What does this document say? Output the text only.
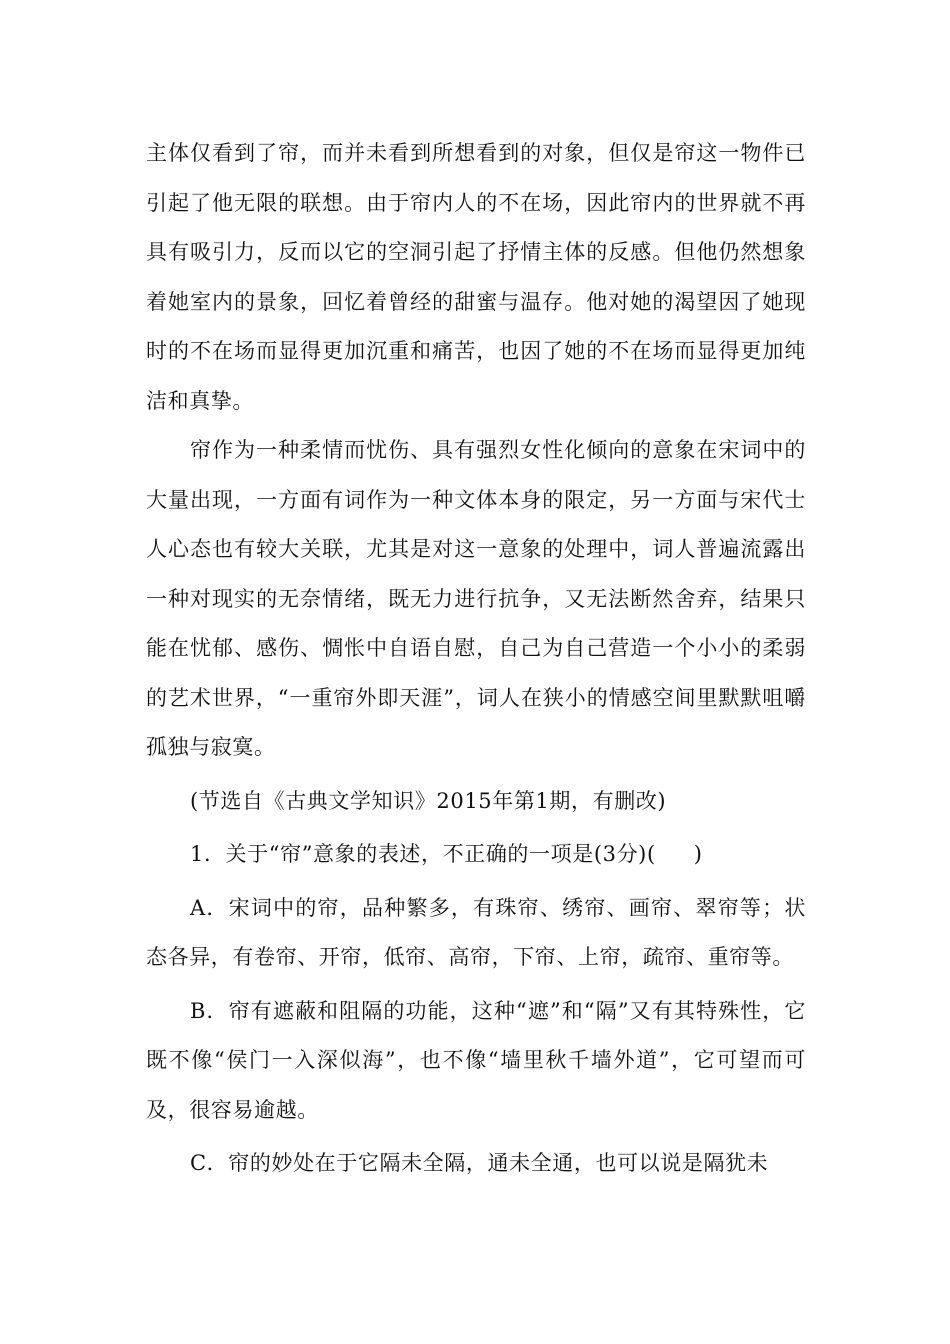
主体仅看到了帘，而并未看到所想看到的对象，但仅是帘这一物件已引起了他无限的联想。由于帘内人的不在场，因此帘内的世界就不再具有吸引力，反而以它的空洞引起了抒情主体的反感。但他仍然想象着她室内的景象，回忆着曾经的甜蜜与温存。他对她的渴望因了她现时的不在场而显得更加沉重和痛苦，也因了她的不在场而显得更加纯洁和真挚。

帘作为一种柔情而忧伤、具有强烈女性化倾向的意象在宋词中的大量出现，一方面有词作为一种文体本身的限定，另一方面与宋代士人心态也有较大关联，尤其是对这一意象的处理中，词人普遍流露出一种对现实的无奈情绪，既无力进行抗争，又无法断然舍弃，结果只能在忧郁、感伤、惆怅中自语自慰，自己为自己营造一个小小的柔弱的艺术世界，“一重帘外即天涯”，词人在狭小的情感空间里默默咀嚼孤独与寂寞。

(节选自《古典文学知识》2015年第1期，有删改)

1．关于“帘”意象的表述，不正确的一项是(3分)( )

A．宋词中的帘，品种繁多，有珠帘、绣帘、画帘、翠帘等；状态各异，有卷帘、开帘，低帘、高帘，下帘、上帘，疏帘、重帘等。

B．帘有遮蔽和阻隔的功能，这种“遮”和“隔”又有其特殊性，它既不像“侯门一入深似海”，也不像“墙里秋千墙外道”，它可望而可及，很容易逾越。

C．帘的妙处在于它隔未全隔，通未全通，也可以说是隔犹未
